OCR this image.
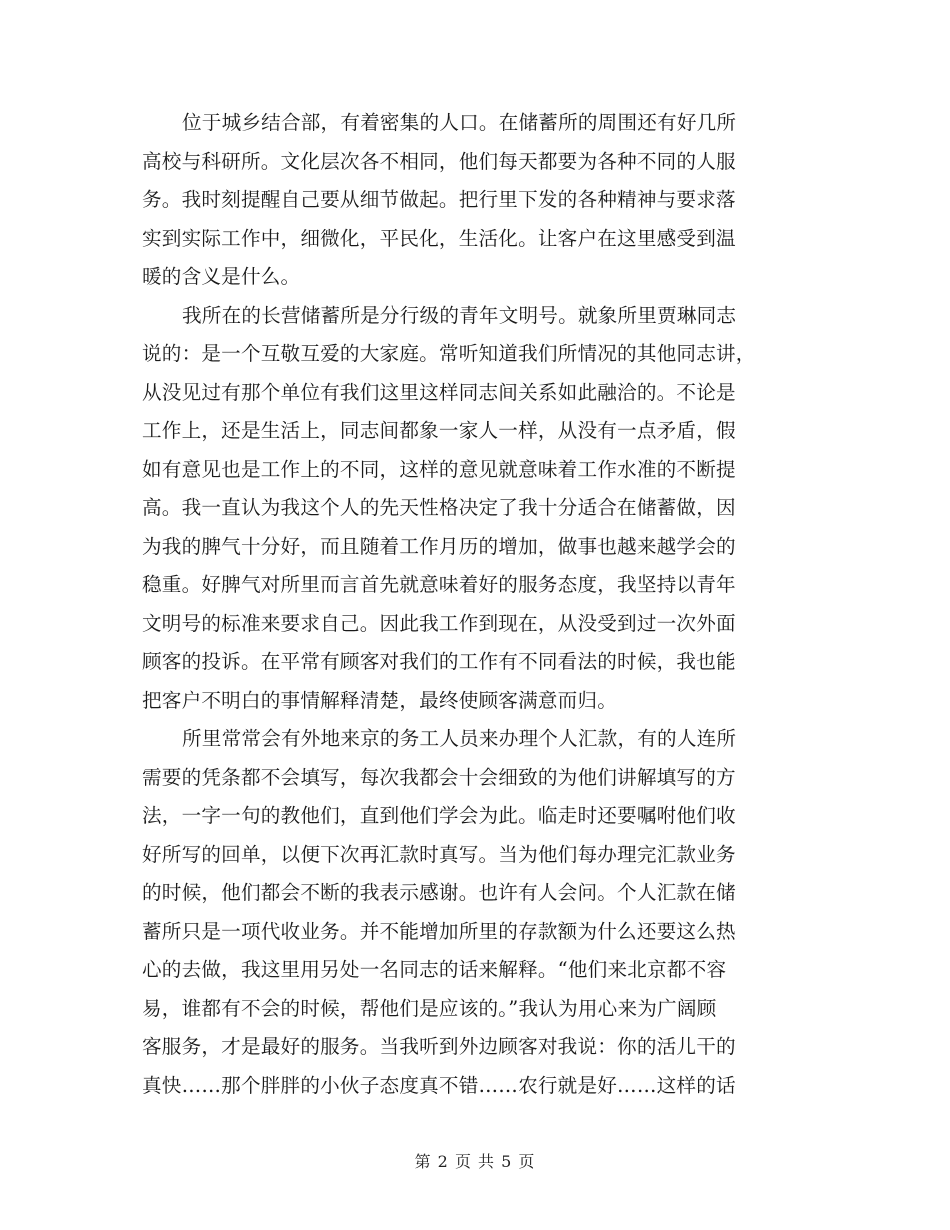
位于城乡结合部，有着密集的人口。在储蓄所的周围还有好几所
高校与科研所。文化层次各不相同，他们每天都要为各种不同的人服
务。我时刻提醒自己要从细节做起。把行里下发的各种精神与要求落
实到实际工作中，细微化，平民化，生活化。让客户在这里感受到温
暖的含义是什么。
我所在的长营储蓄所是分行级的青年文明号。就象所里贾琳同志
说的：是一个互敬互爱的大家庭。常听知道我们所情况的其他同志讲，
从没见过有那个单位有我们这里这样同志间关系如此融洽的。不论是
工作上，还是生活上，同志间都象一家人一样，从没有一点矛盾，假
如有意见也是工作上的不同，这样的意见就意味着工作水准的不断提
高。我一直认为我这个人的先天性格决定了我十分适合在储蓄做，因
为我的脾气十分好，而且随着工作月历的增加，做事也越来越学会的
稳重。好脾气对所里而言首先就意味着好的服务态度，我坚持以青年
文明号的标准来要求自己。因此我工作到现在，从没受到过一次外面
顾客的投诉。在平常有顾客对我们的工作有不同看法的时候，我也能
把客户不明白的事情解释清楚，最终使顾客满意而归。
所里常常会有外地来京的务工人员来办理个人汇款，有的人连所
需要的凭条都不会填写，每次我都会十会细致的为他们讲解填写的方
法，一字一句的教他们，直到他们学会为此。临走时还要嘱咐他们收
好所写的回单，以便下次再汇款时真写。当为他们每办理完汇款业务
的时候，他们都会不断的我表示感谢。也许有人会问。个人汇款在储
蓄所只是一项代收业务。并不能增加所里的存款额为什么还要这么热
心的去做，我这里用另处一名同志的话来解释。“他们来北京都不容
易，谁都有不会的时候，帮他们是应该的。”我认为用心来为广阔顾
客服务，才是最好的服务。当我听到外边顾客对我说：你的活儿干的
真快……那个胖胖的小伙子态度真不错……农行就是好……这样的话
第 2 页 共 5 页
